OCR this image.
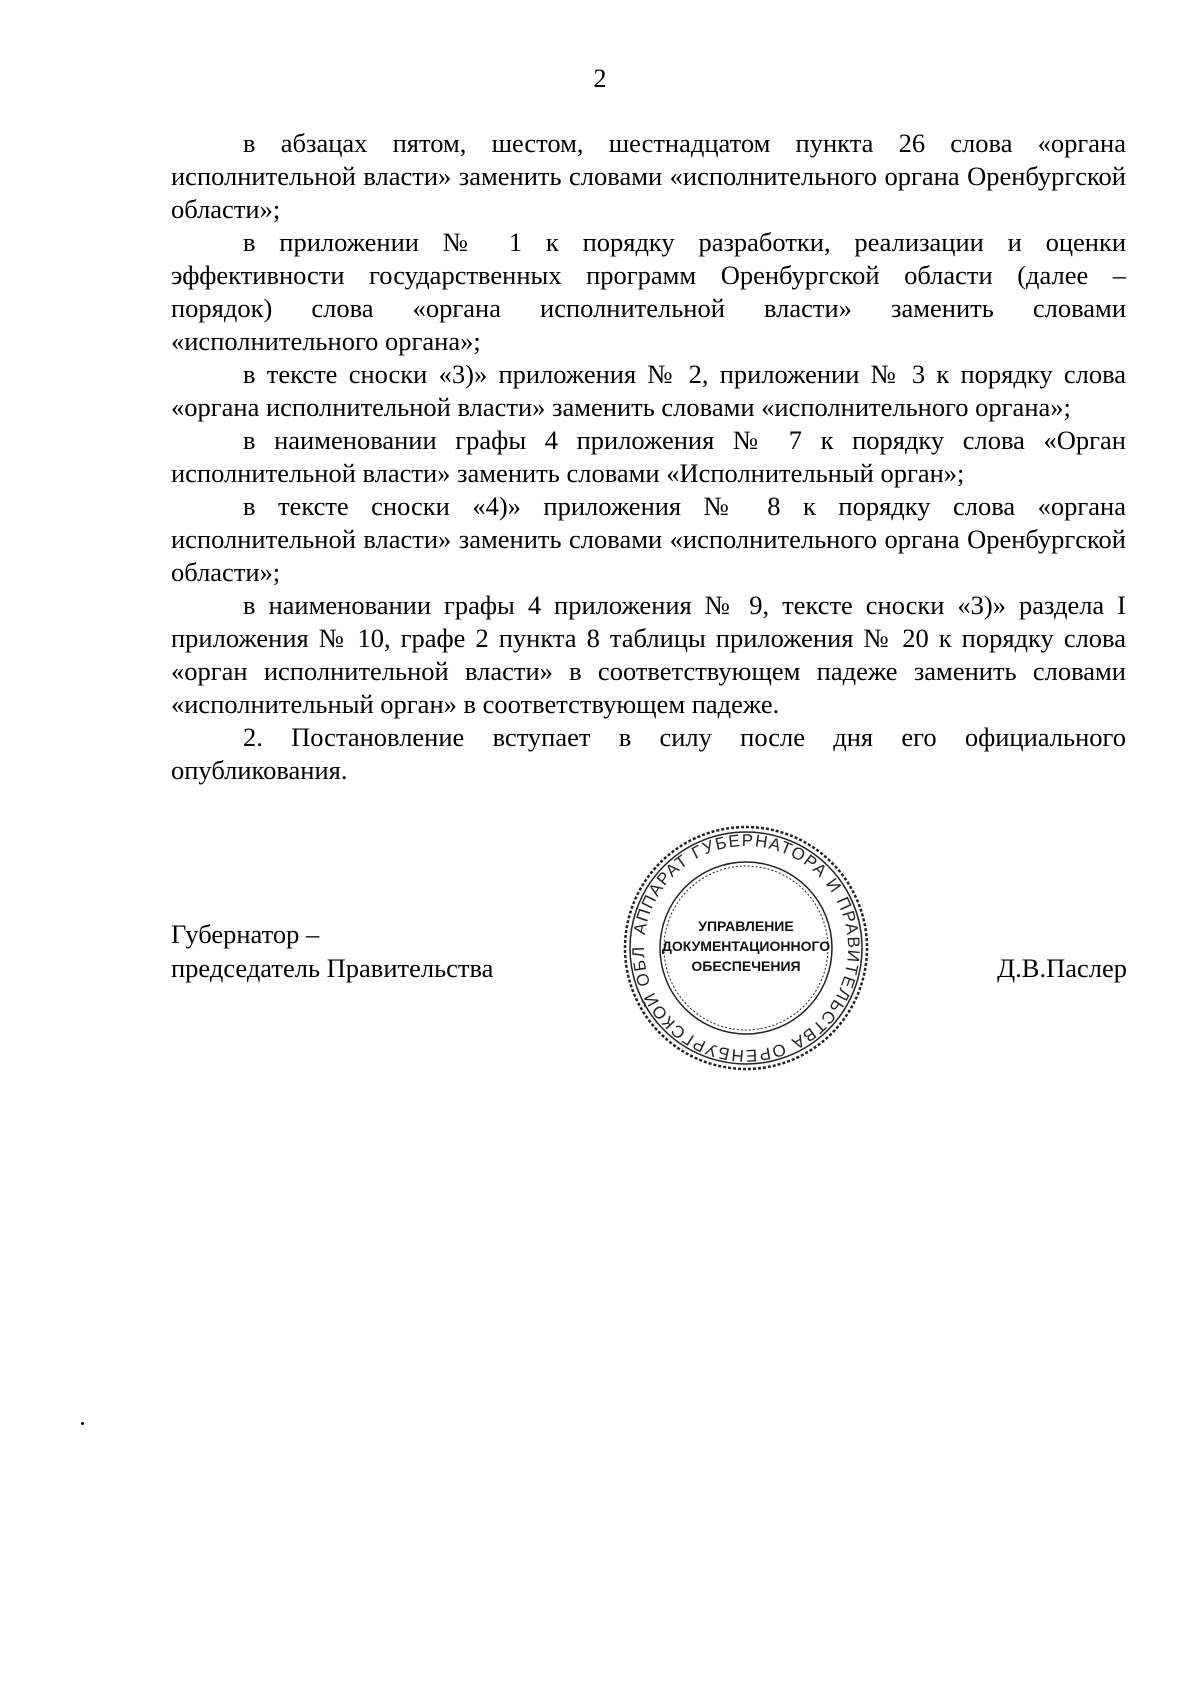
2

в абзацах пятом, шестом, шестнадцатом пункта 26 слова «органа исполнительной власти» заменить словами «исполнительного органа Оренбургской области»;

в приложении № 1 к порядку разработки, реализации и оценки эффективности государственных программ Оренбургской области (далее – порядок) слова «органа исполнительной власти» заменить словами «исполнительного органа»;

в тексте сноски «3)» приложения № 2, приложении № 3 к порядку слова «органа исполнительной власти» заменить словами «исполнительного органа»;

в наименовании графы 4 приложения № 7 к порядку слова «Орган исполнительной власти» заменить словами «Исполнительный орган»;

в тексте сноски «4)» приложения № 8 к порядку слова «органа исполнительной власти» заменить словами «исполнительного органа Оренбургской области»;

в наименовании графы 4 приложения № 9, тексте сноски «3)» раздела I приложения № 10, графе 2 пункта 8 таблицы приложения № 20 к порядку слова «орган исполнительной власти» в соответствующем падеже заменить словами «исполнительный орган» в соответствующем падеже.

2. Постановление вступает в силу после дня его официального опубликования.

Губернатор –
председатель Правительства	Д.В.Паслер
АППАРАТ ГУБЕРНАТОРА И ПРАВИТЕЛЬСТВА ОРЕНБУРГСКОЙ ОБЛ
УПРАВЛЕНИЕ
ДОКУМЕНТАЦИОННОГО
ОБЕСПЕЧЕНИЯ
